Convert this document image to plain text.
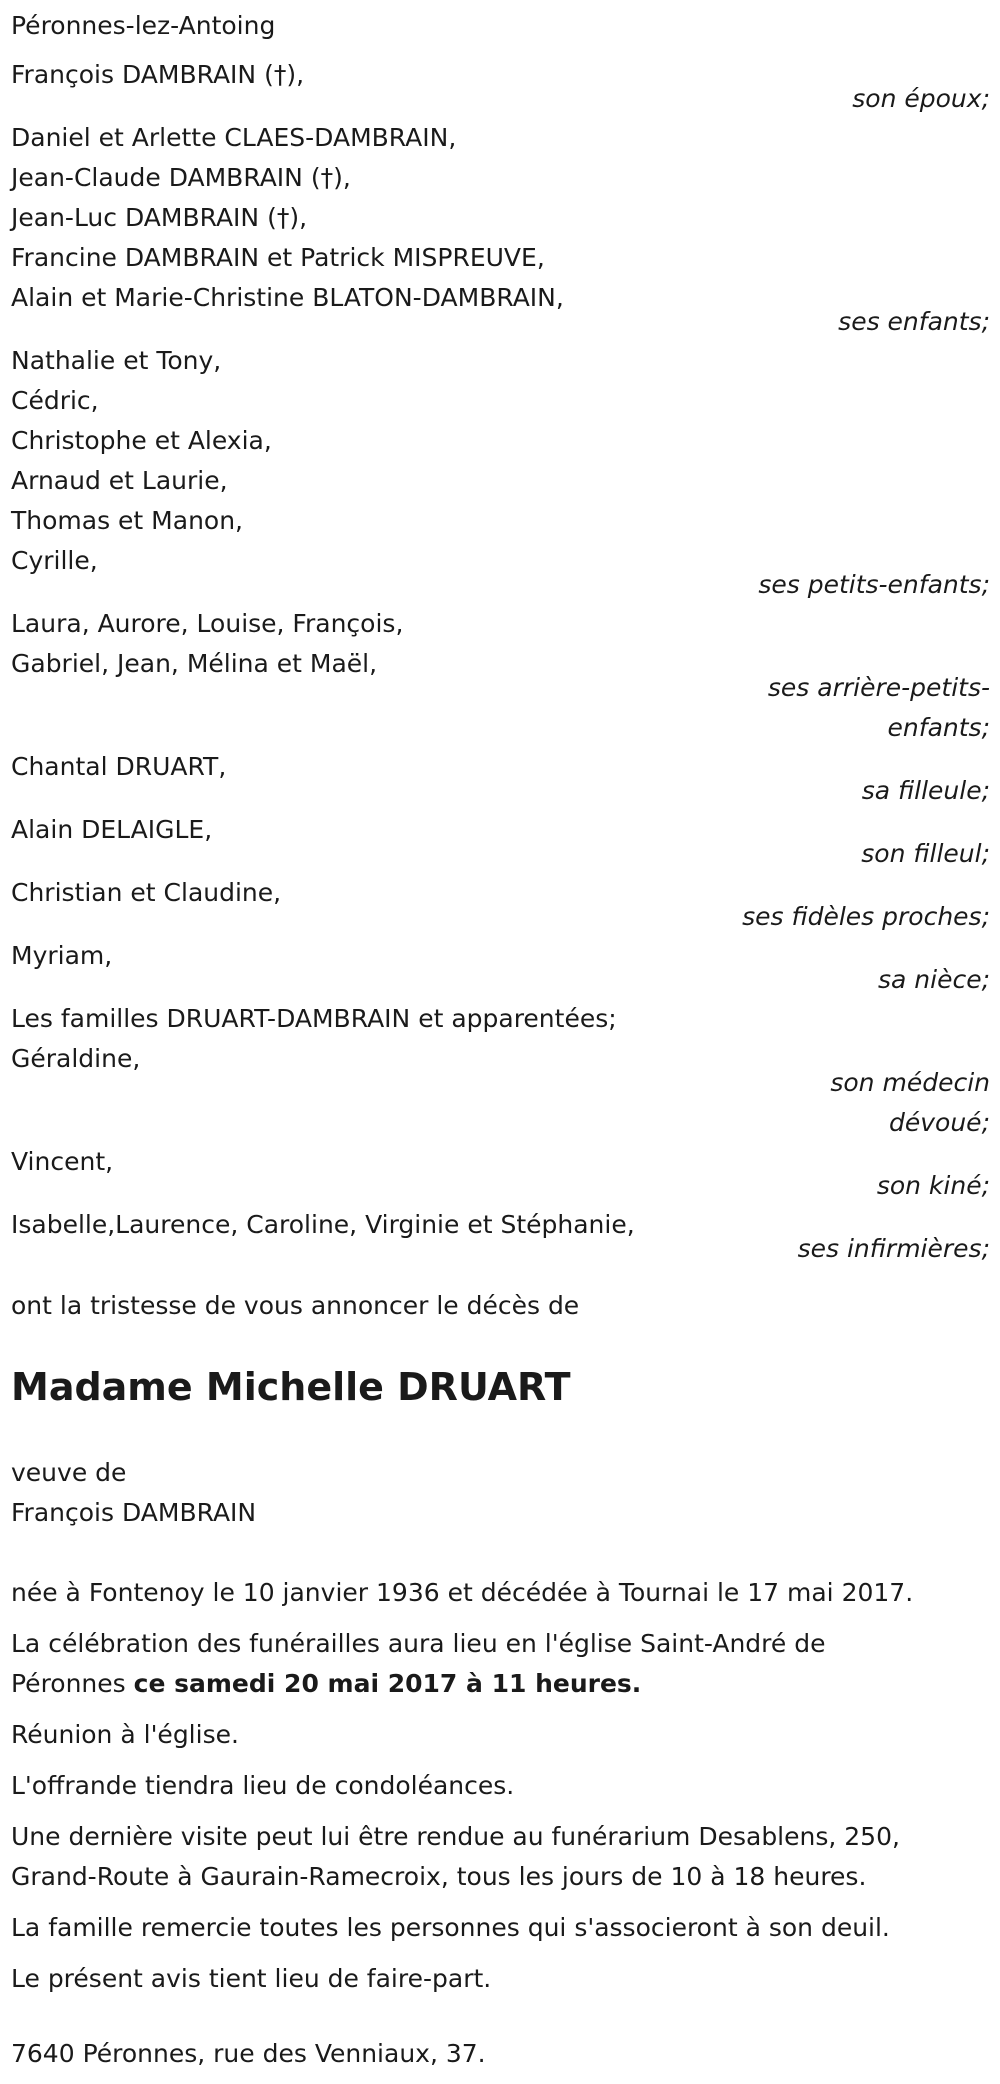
Péronnes-lez-Antoing
François DAMBRAIN (†),
son époux;
Daniel et Arlette CLAES-DAMBRAIN,
Jean-Claude DAMBRAIN (†),
Jean-Luc DAMBRAIN (†),
Francine DAMBRAIN et Patrick MISPREUVE,
Alain et Marie-Christine BLATON-DAMBRAIN,
ses enfants;
Nathalie et Tony,
Cédric,
Christophe et Alexia,
Arnaud et Laurie,
Thomas et Manon,
Cyrille,
ses petits-enfants;
Laura, Aurore, Louise, François,
Gabriel, Jean, Mélina et Maël,
ses arrière-petits-
enfants;
Chantal DRUART,
sa filleule;
Alain DELAIGLE,
son filleul;
Christian et Claudine,
ses fidèles proches;
Myriam,
sa nièce;
Les familles DRUART-DAMBRAIN et apparentées;
Géraldine,
son médecin
dévoué;
Vincent,
son kiné;
Isabelle,Laurence, Caroline, Virginie et Stéphanie,
ses infirmières;
ont la tristesse de vous annoncer le décès de
Madame Michelle DRUART
veuve de
François DAMBRAIN
née à Fontenoy le 10 janvier 1936 et décédée à Tournai le 17 mai 2017.
La célébration des funérailles aura lieu en l'église Saint-André de
Péronnes ce samedi 20 mai 2017 à 11 heures.
Réunion à l'église.
L'offrande tiendra lieu de condoléances.
Une dernière visite peut lui être rendue au funérarium Desablens, 250,
Grand-Route à Gaurain-Ramecroix, tous les jours de 10 à 18 heures.
La famille remercie toutes les personnes qui s'associeront à son deuil.
Le présent avis tient lieu de faire-part.
7640 Péronnes, rue des Venniaux, 37.
